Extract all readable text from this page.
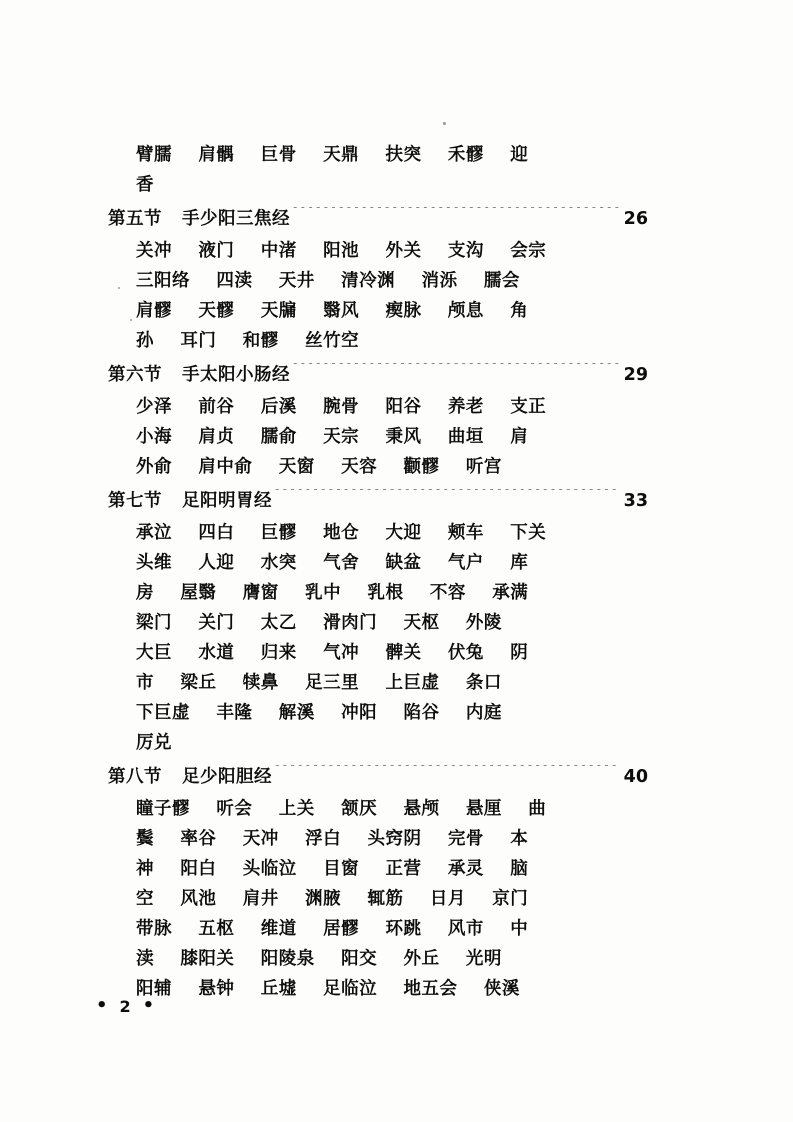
臂臑    肩髃    巨骨    天鼎    扶突    禾髎    迎
香
第五节 手少阳三焦经 ·····	26
关冲    液门    中渚    阳池    外关    支沟    会宗
三阳络    四渎    天井    清冷渊    消泺    臑会
肩髎    天髎    天牖    翳风    瘈脉    颅息    角
孙    耳门    和髎    丝竹空
第六节 手太阳小肠经 ·····	29
少泽    前谷    后溪    腕骨    阳谷    养老    支正
小海    肩贞    臑俞    天宗    秉风    曲垣    肩
外俞    肩中俞    天窗    天容    颧髎    听宫
第七节 足阳明胃经 ·····	33
承泣    四白    巨髎    地仓    大迎    颊车    下关
头维    人迎    水突    气舍    缺盆    气户    库
房    屋翳    膺窗    乳中    乳根    不容    承满
梁门    关门    太乙    滑肉门    天枢    外陵
大巨    水道    归来    气冲    髀关    伏兔    阴
市    梁丘    犊鼻    足三里    上巨虚    条口
下巨虚    丰隆    解溪    冲阳    陷谷    内庭
厉兑
第八节 足少阳胆经 ·····	40
瞳子髎    听会    上关    颔厌    悬颅    悬厘    曲
鬓    率谷    天冲    浮白    头窍阴    完骨    本
神    阳白    头临泣    目窗    正营    承灵    脑
空    风池    肩井    渊腋    辄筋    日月    京门
带脉    五枢    维道    居髎    环跳    风市    中
渎    膝阳关    阳陵泉    阳交    外丘    光明
阳辅    悬钟    丘墟    足临泣    地五会    侠溪
• 2 •
